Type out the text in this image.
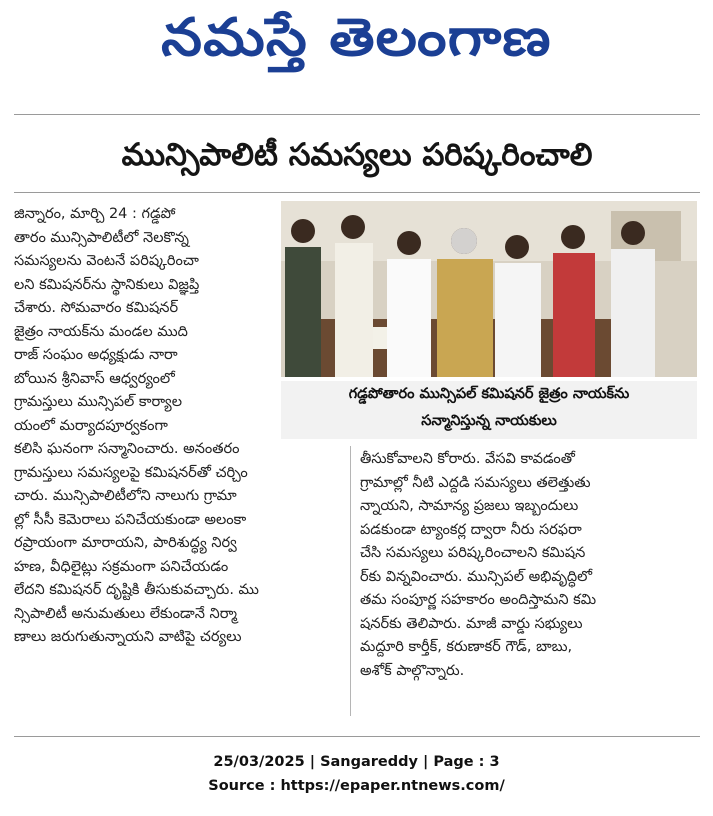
నమస్తే తెలంగాణ
మున్సిపాలిటీ సమస్యలు పరిష్కరించాలి
జిన్నారం, మార్చి 24 : గడ్డపో
తారం మున్సిపాలిటీలో నెలకొన్న
సమస్యలను వెంటనే పరిష్కరించా
లని కమిషనర్‌ను స్థానికులు విజ్ఞప్తి
చేశారు. సోమవారం కమిషనర్
జైత్రం నాయక్‌ను మండల ముది
రాజ్ సంఘం అధ్యక్షుడు నారా
బోయిన శ్రీనివాస్ ఆధ్వర్యంలో
గ్రామస్తులు మున్సిపల్ కార్యాల
యంలో మర్యాదపూర్వకంగా
కలిసి ఘనంగా సన్మానించారు. అనంతరం
గ్రామస్తులు సమస్యలపై కమిషనర్‌తో చర్చిం
చారు. మున్సిపాలిటీలోని నాలుగు గ్రామా
ల్లో సీసీ కెమెరాలు పనిచేయకుండా అలంకా
రప్రాయంగా మారాయని, పారిశుద్ధ్య నిర్వ
హణ, వీధిలైట్లు సక్రమంగా పనిచేయడం
లేదని కమిషనర్ దృష్టికి తీసుకువచ్చారు. ము
న్సిపాలిటీ అనుమతులు లేకుండానే నిర్మా
ణాలు జరుగుతున్నాయని వాటిపై చర్యలు
గడ్డపోతారం మున్సిపల్ కమిషనర్ జైత్రం నాయక్‌ను
సన్మానిస్తున్న నాయకులు
తీసుకోవాలని కోరారు. వేసవి కావడంతో
గ్రామాల్లో నీటి ఎద్దడి సమస్యలు తలెత్తుతు
న్నాయని, సామాన్య ప్రజలు ఇబ్బందులు
పడకుండా ట్యాంకర్ల ద్వారా నీరు సరఫరా
చేసి సమస్యలు పరిష్కరించాలని కమిషన
ర్‌కు విన్నవించారు. మున్సిపల్ అభివృద్ధిలో
తమ సంపూర్ణ సహకారం అందిస్తామని కమి
షనర్‌కు తెలిపారు. మాజీ వార్డు సభ్యులు
మద్దూరి కార్తీక్, కరుణాకర్ గౌడ్, బాబు,
అశోక్ పాల్గొన్నారు.
25/03/2025 | Sangareddy | Page : 3
Source : https://epaper.ntnews.com/
